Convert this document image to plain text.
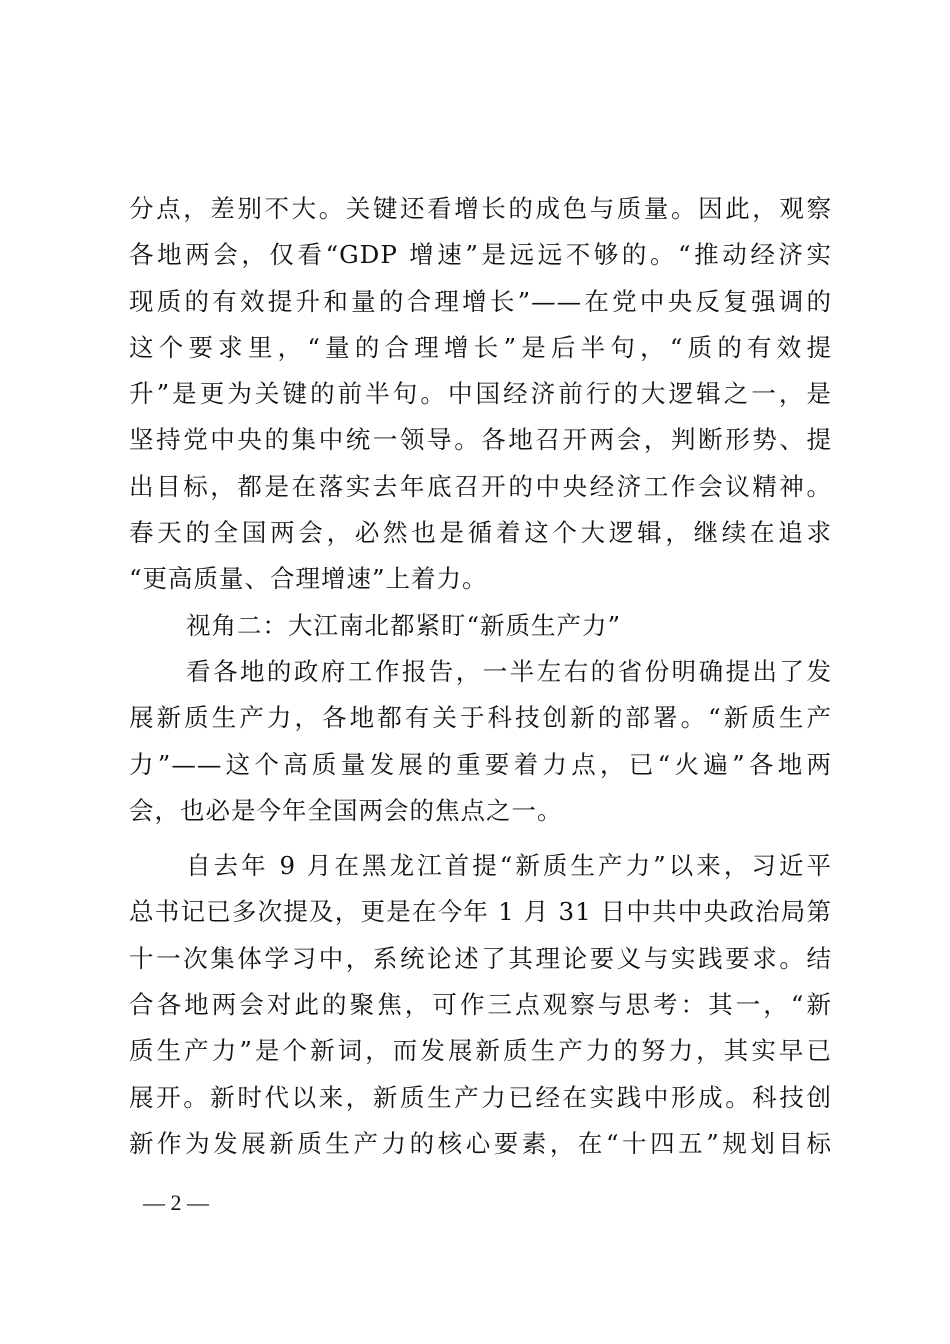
分点，差别不大。关键还看增长的成色与质量。因此，观察
各地两会，仅看“GDP 增速”是远远不够的。“推动经济实
现质的有效提升和量的合理增长”——在党中央反复强调的
这个要求里，“量的合理增长”是后半句，“质的有效提
升”是更为关键的前半句。中国经济前行的大逻辑之一，是
坚持党中央的集中统一领导。各地召开两会，判断形势、提
出目标，都是在落实去年底召开的中央经济工作会议精神。
春天的全国两会，必然也是循着这个大逻辑，继续在追求
“更高质量、合理增速”上着力。
视角二：大江南北都紧盯“新质生产力”
看各地的政府工作报告，一半左右的省份明确提出了发
展新质生产力，各地都有关于科技创新的部署。“新质生产
力”——这个高质量发展的重要着力点，已“火遍”各地两
会，也必是今年全国两会的焦点之一。
自去年 9 月在黑龙江首提“新质生产力”以来，习近平
总书记已多次提及，更是在今年 1 月 31 日中共中央政治局第
十一次集体学习中，系统论述了其理论要义与实践要求。结
合各地两会对此的聚焦，可作三点观察与思考：其一，“新
质生产力”是个新词，而发展新质生产力的努力，其实早已
展开。新时代以来，新质生产力已经在实践中形成。科技创
新作为发展新质生产力的核心要素，在“十四五”规划目标
— 2 —
